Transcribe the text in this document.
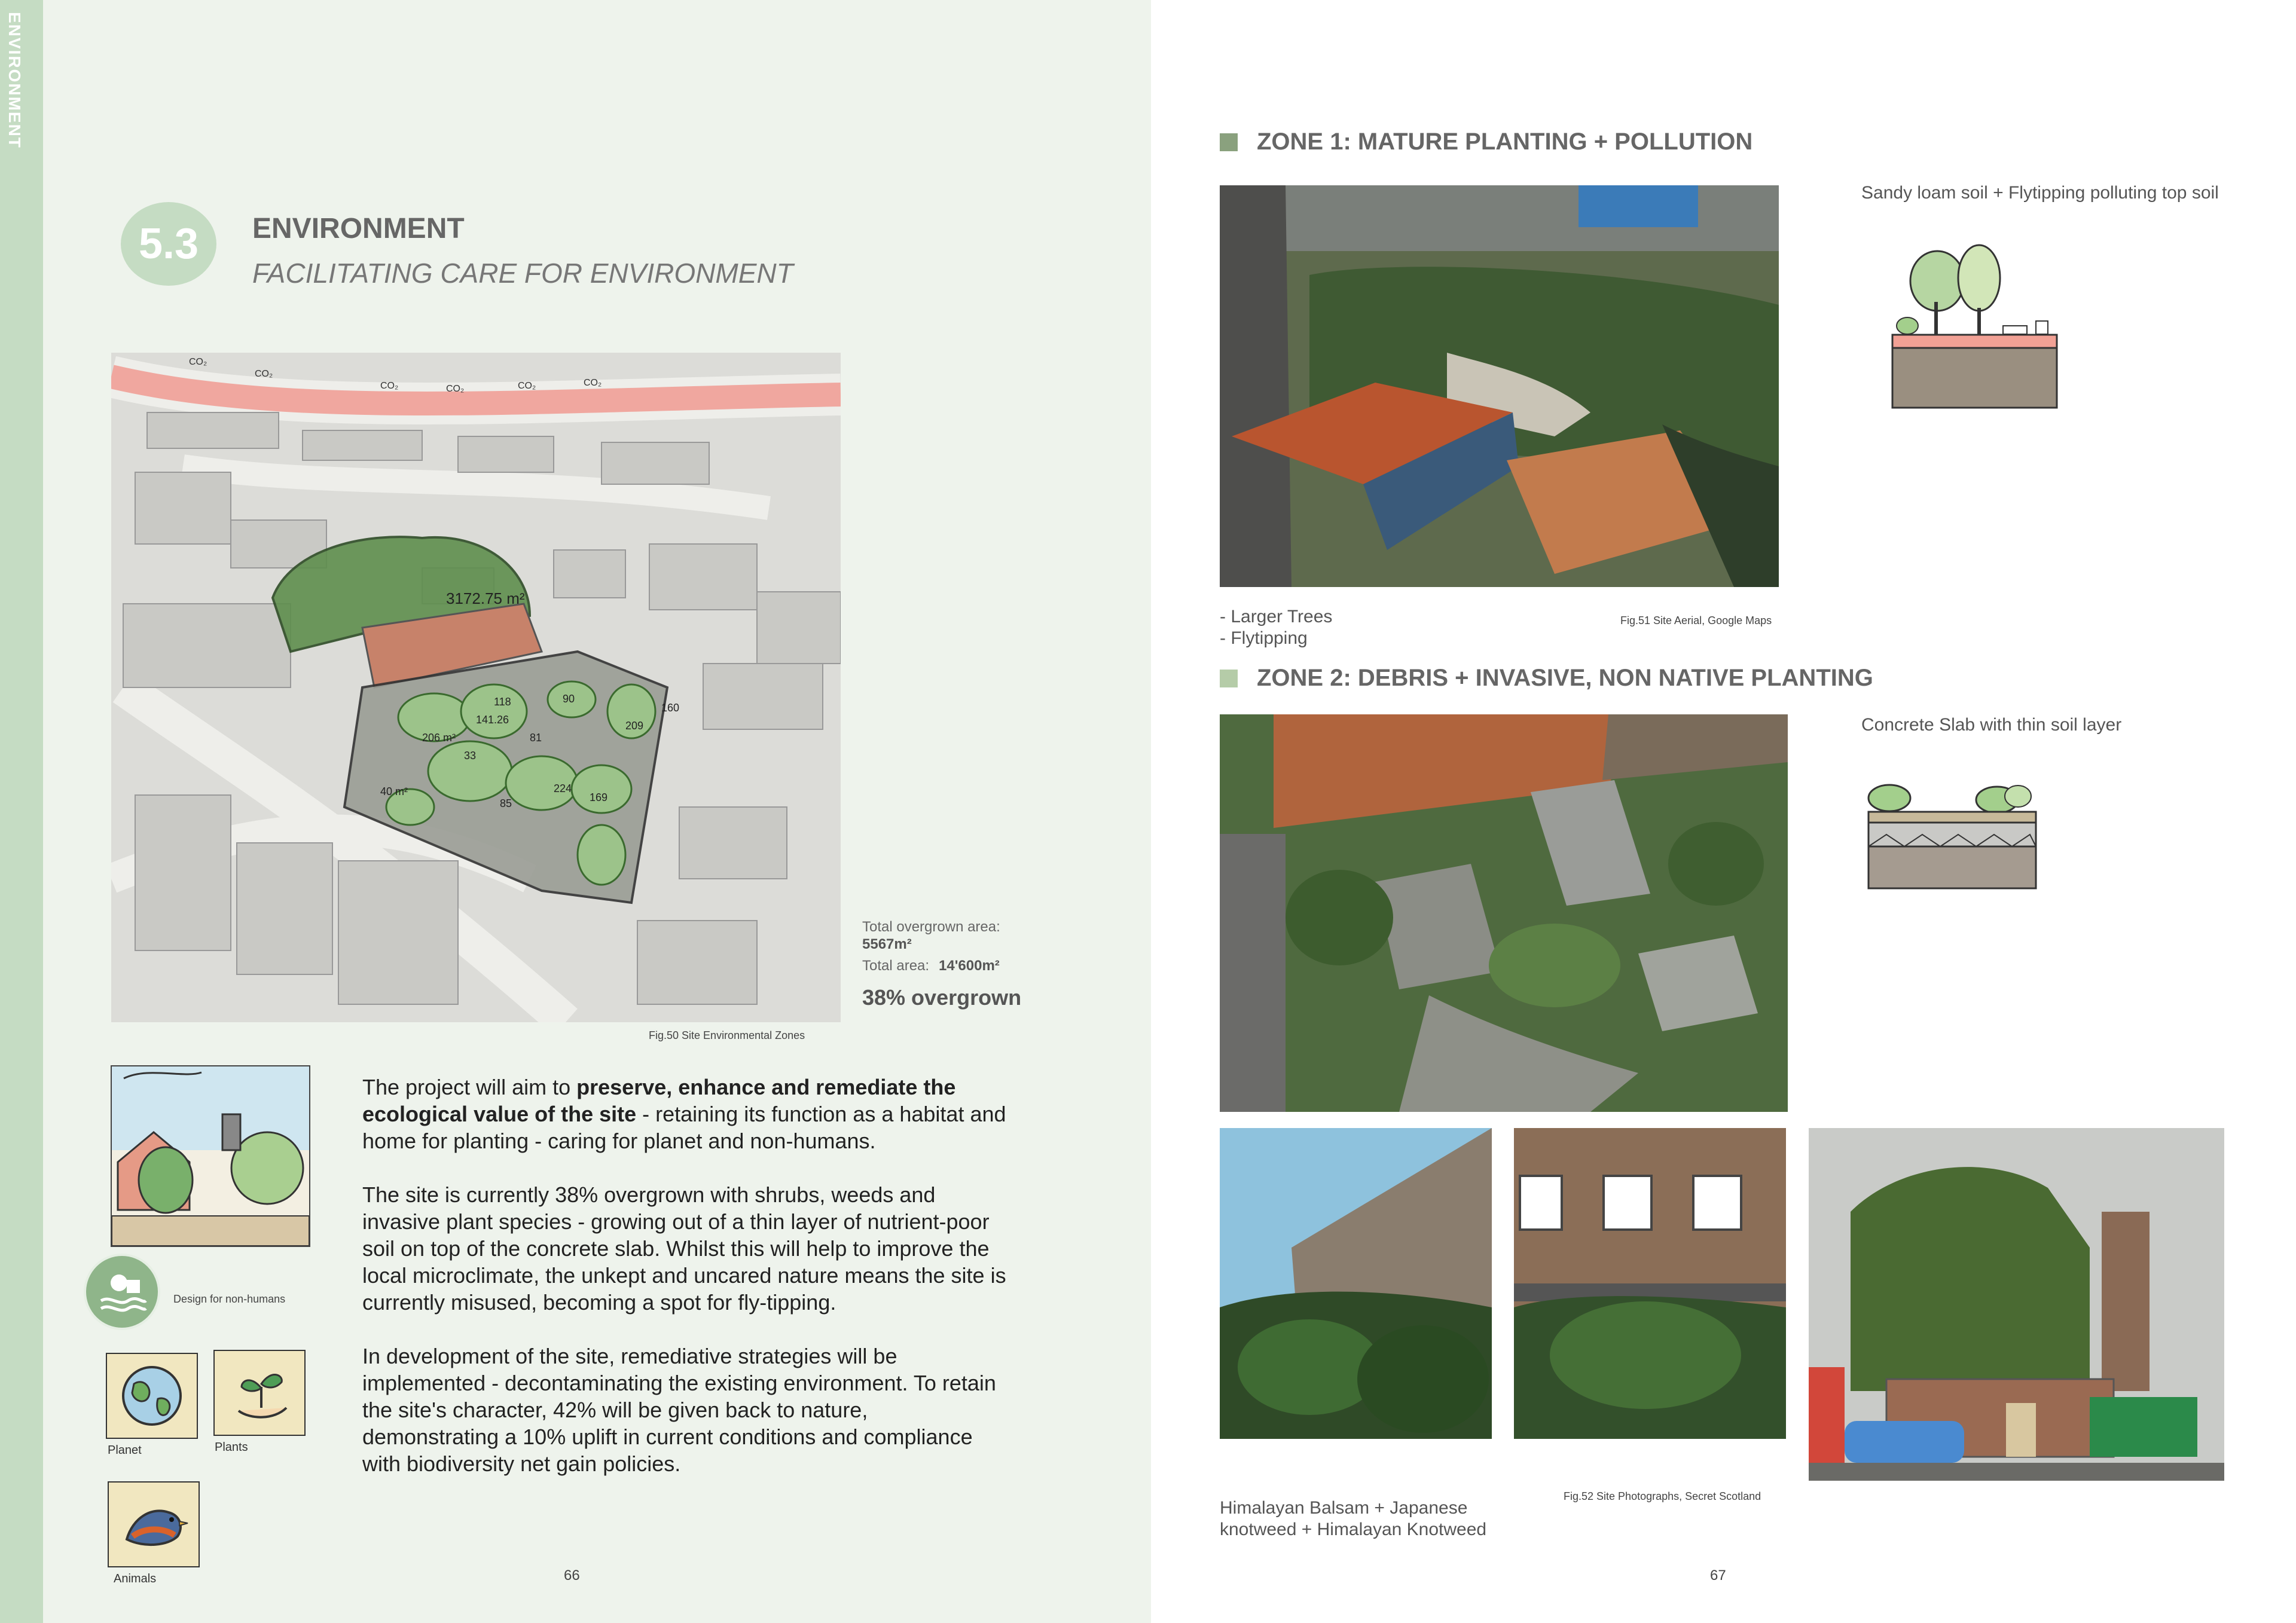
ENVIRONMENT
5.3	ENVIRONMENT
FACILITATING CARE FOR ENVIRONMENT
3172.75 m²
206 m²
118	90
141.26
81
33
85
224
169
209
160
40 m²
CO₂
CO₂
CO₂	CO₂	CO₂	CO₂
Fig.50 Site Environmental Zones
Total overgrown area:
5567m²
Total area: 14'600m²
38% overgrown
Design for non-humans
Planet	Plants
Animals

The project will aim to preserve, enhance and remediate the ecological value of the site - retaining its function as a habitat and home for planting - caring for planet and non-humans.

The site is currently 38% overgrown with shrubs, weeds and invasive plant species - growing out of a thin layer of nutrient-poor soil on top of the concrete slab. Whilst this will help to improve the local microclimate, the unkept and uncared nature means the site is currently misused, becoming a spot for fly-tipping.

In development of the site, remediative strategies will be implemented - decontaminating the existing environment. To retain the site's character, 42% will be given back to nature, demonstrating a 10% uplift in current conditions and compliance with biodiversity net gain policies.

66
ZONE 1: MATURE PLANTING + POLLUTION
- Larger Trees
- Flytipping
Fig.51 Site Aerial, Google Maps
Sandy loam soil + Flytipping polluting top soil
ZONE 2: DEBRIS + INVASIVE, NON NATIVE PLANTING
Concrete Slab with thin soil layer
Himalayan Balsam + Japanese knotweed + Himalayan Knotweed
Fig.52 Site Photographs, Secret Scotland
67
